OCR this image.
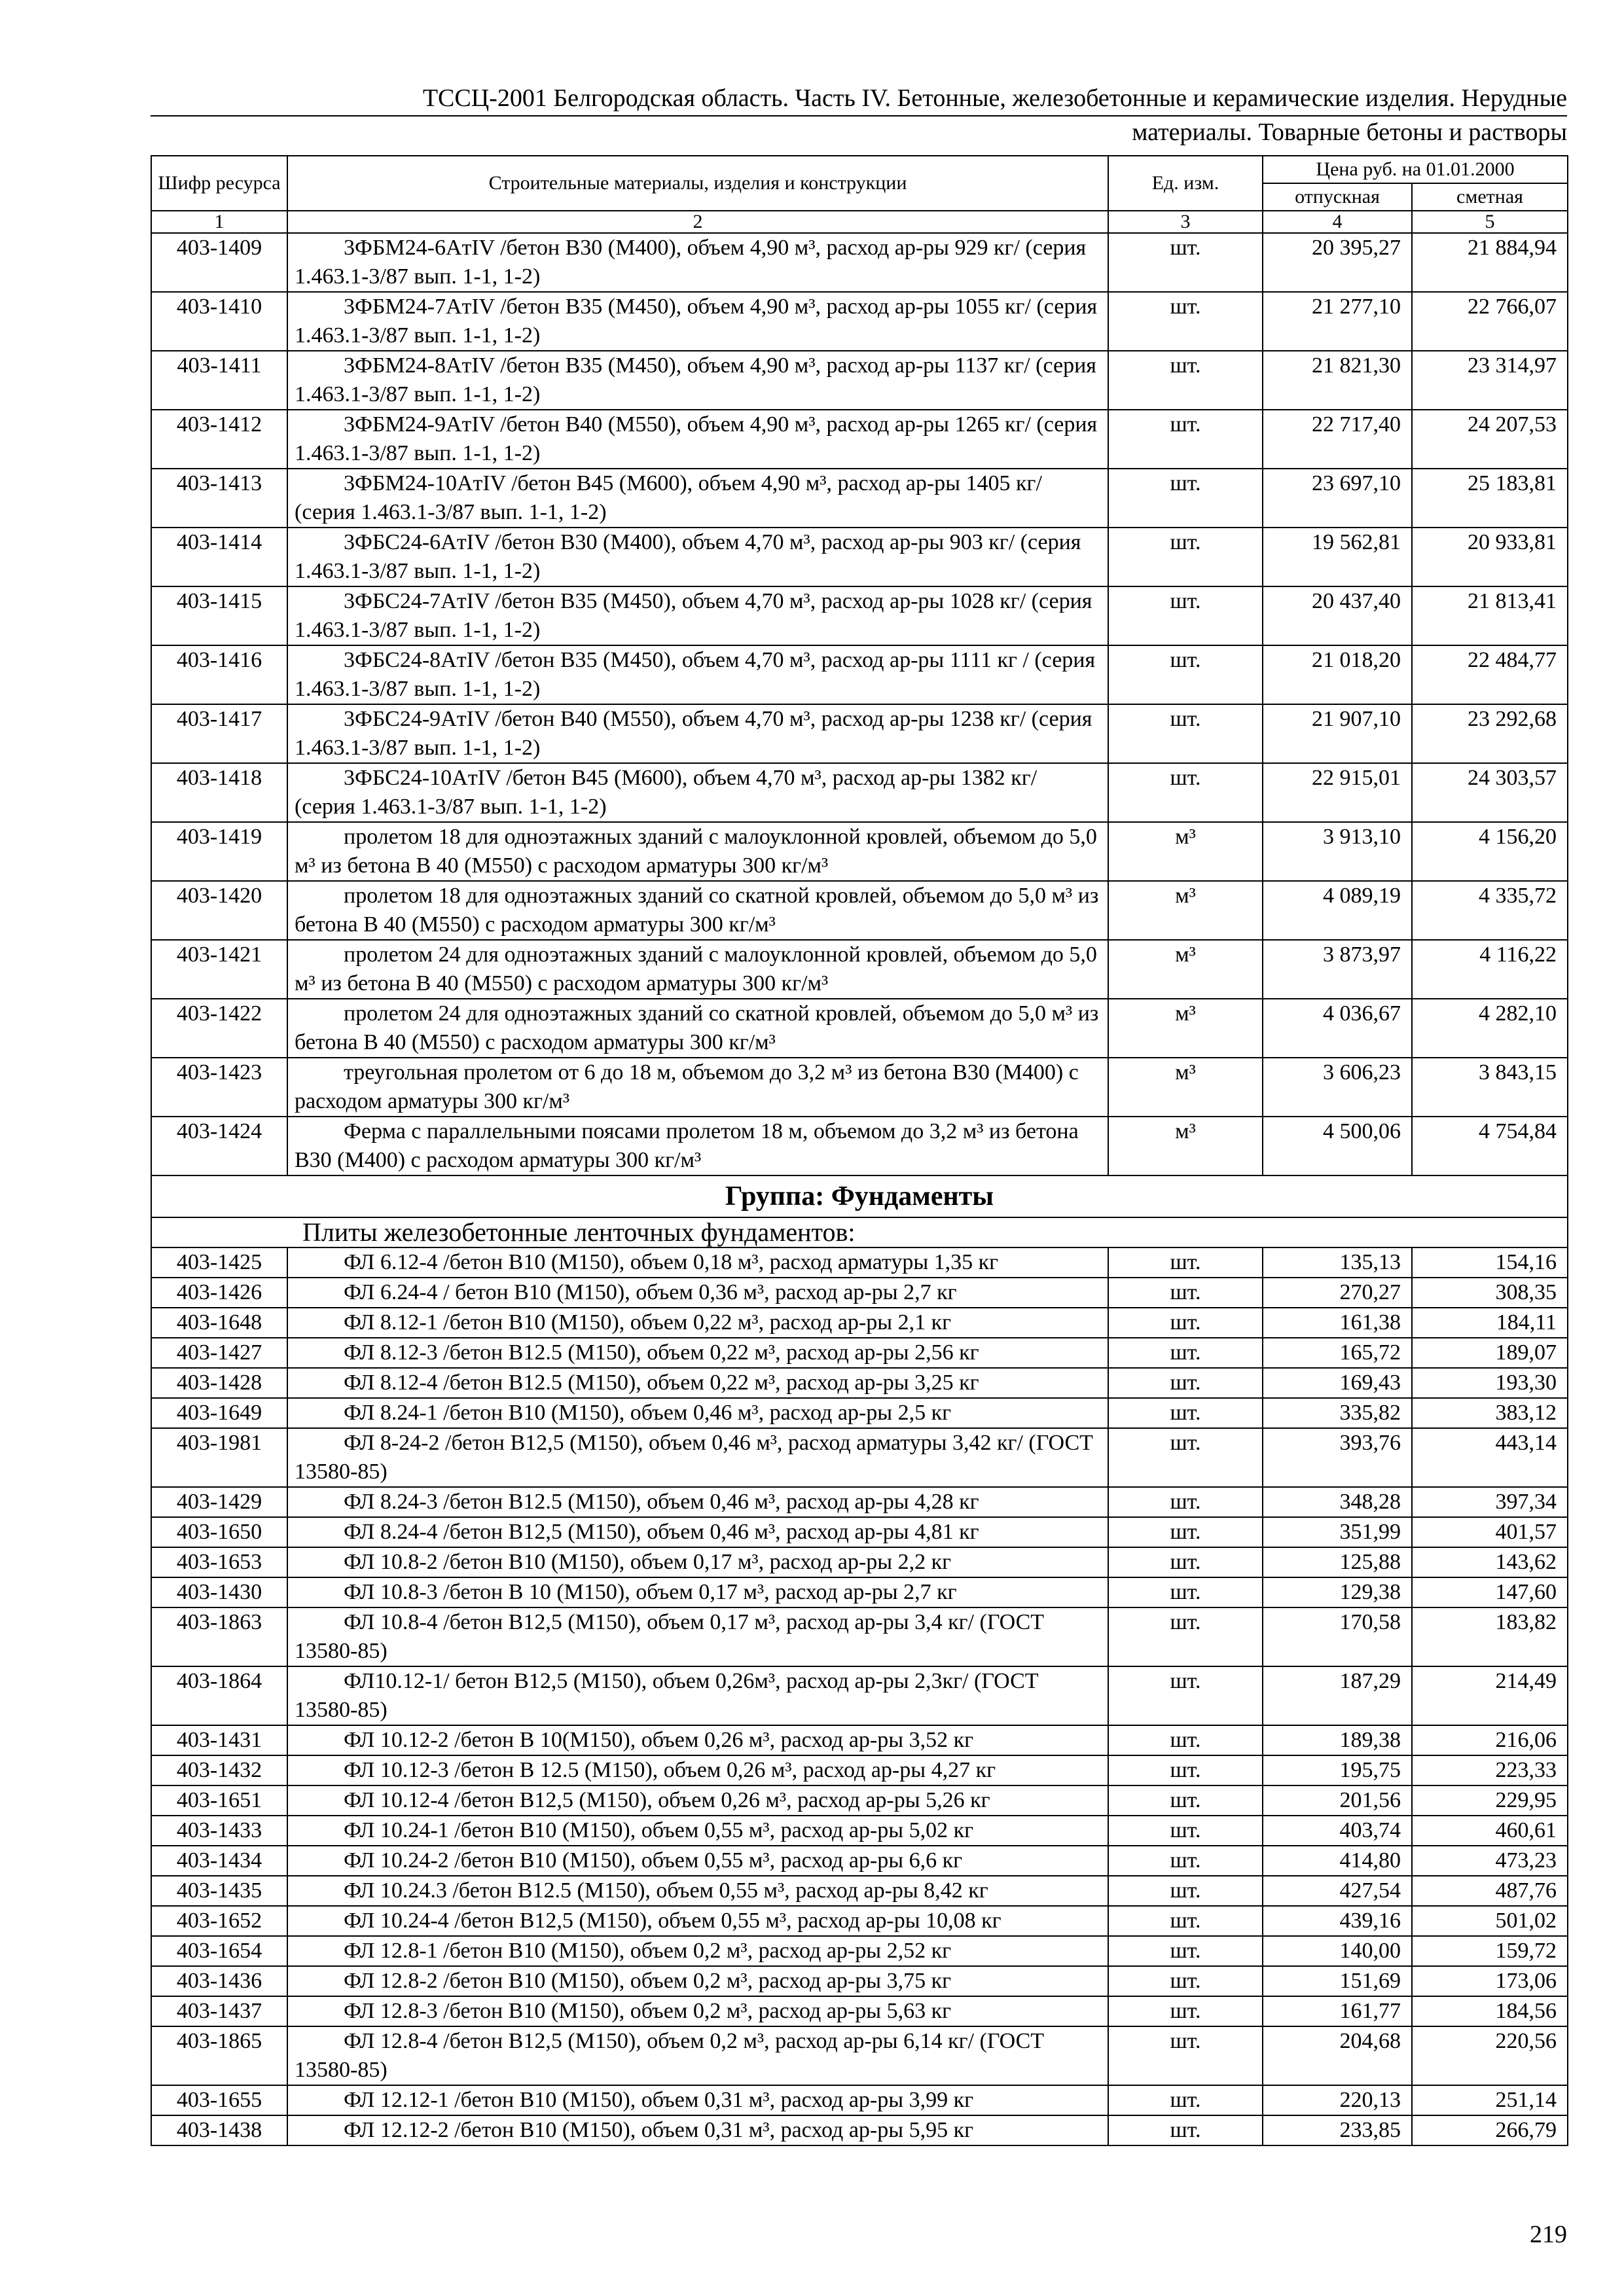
ТССЦ-2001 Белгородская область. Часть IV. Бетонные, железобетонные и керамические изделия. Нерудные
материалы. Товарные бетоны и растворы
Шифр ресурса	Строительные материалы, изделия и конструкции	Ед. изм.	Цена руб. на 01.01.2000	
			отпускная	сметная
1	2	3	4	5
403-1409	3ФБМ24-6AтIV /бетон В30 (М400), объем 4,90 м³, расход ар-ры 929 кг/ (серия 1.463.1-3/87 вып. 1-1, 1-2)	шт.	20 395,27	21 884,94
403-1410	3ФБМ24-7AтIV /бетон В35 (М450), объем 4,90 м³, расход ар-ры 1055 кг/ (серия 1.463.1-3/87 вып. 1-1, 1-2)	шт.	21 277,10	22 766,07
403-1411	3ФБМ24-8AтIV /бетон В35 (М450), объем 4,90 м³, расход ар-ры 1137 кг/ (серия 1.463.1-3/87 вып. 1-1, 1-2)	шт.	21 821,30	23 314,97
403-1412	3ФБМ24-9AтIV /бетон В40 (М550), объем 4,90 м³, расход ар-ры 1265 кг/ (серия 1.463.1-3/87 вып. 1-1, 1-2)	шт.	22 717,40	24 207,53
403-1413	3ФБМ24-10AтIV /бетон В45 (М600), объем 4,90 м³, расход ар-ры 1405 кг/ (серия 1.463.1-3/87 вып. 1-1, 1-2)	шт.	23 697,10	25 183,81
403-1414	3ФБС24-6AтIV /бетон В30 (М400), объем 4,70 м³, расход ар-ры 903 кг/ (серия 1.463.1-3/87 вып. 1-1, 1-2)	шт.	19 562,81	20 933,81
403-1415	3ФБС24-7AтIV /бетон В35 (М450), объем 4,70 м³, расход ар-ры 1028 кг/ (серия 1.463.1-3/87 вып. 1-1, 1-2)	шт.	20 437,40	21 813,41
403-1416	3ФБС24-8AтIV /бетон В35 (М450), объем 4,70 м³, расход ар-ры 1111 кг / (серия 1.463.1-3/87 вып. 1-1, 1-2)	шт.	21 018,20	22 484,77
403-1417	3ФБС24-9AтIV /бетон В40 (М550), объем 4,70 м³, расход ар-ры 1238 кг/ (серия 1.463.1-3/87 вып. 1-1, 1-2)	шт.	21 907,10	23 292,68
403-1418	3ФБС24-10AтIV /бетон В45 (М600), объем 4,70 м³, расход ар-ры 1382 кг/ (серия 1.463.1-3/87 вып. 1-1, 1-2)	шт.	22 915,01	24 303,57
403-1419	пролетом 18 для одноэтажных зданий с малоуклонной кровлей, объемом до 5,0 м³ из бетона В 40 (М550) с расходом арматуры 300 кг/м³	м³	3 913,10	4 156,20
403-1420	пролетом 18 для одноэтажных зданий со скатной кровлей, объемом до 5,0 м³ из бетона В 40 (М550) с расходом арматуры 300 кг/м³	м³	4 089,19	4 335,72
403-1421	пролетом 24 для одноэтажных зданий с малоуклонной кровлей, объемом до 5,0 м³ из бетона В 40 (М550) с расходом арматуры 300 кг/м³	м³	3 873,97	4 116,22
403-1422	пролетом 24 для одноэтажных зданий со скатной кровлей, объемом до 5,0 м³ из бетона В 40 (М550) с расходом арматуры 300 кг/м³	м³	4 036,67	4 282,10
403-1423	треугольная пролетом от 6 до 18 м, объемом до 3,2 м³ из бетона В30 (М400) с расходом арматуры 300 кг/м³	м³	3 606,23	3 843,15
403-1424	Ферма с параллельными поясами пролетом 18 м, объемом до 3,2 м³ из бетона В30 (М400) с расходом арматуры 300 кг/м³	м³	4 500,06	4 754,84
Группа: Фундаменты				
Плиты железобетонные ленточных фундаментов:				
403-1425	ФЛ 6.12-4 /бетон В10 (М150), объем 0,18 м³, расход арматуры 1,35 кг	шт.	135,13	154,16
403-1426	ФЛ 6.24-4 / бетон В10 (М150), объем 0,36 м³, расход ар-ры 2,7 кг	шт.	270,27	308,35
403-1648	ФЛ 8.12-1 /бетон В10 (М150), объем 0,22 м³, расход ар-ры 2,1 кг	шт.	161,38	184,11
403-1427	ФЛ 8.12-3 /бетон В12.5 (М150), объем 0,22 м³, расход ар-ры 2,56 кг	шт.	165,72	189,07
403-1428	ФЛ 8.12-4 /бетон В12.5 (М150), объем 0,22 м³, расход ар-ры 3,25 кг	шт.	169,43	193,30
403-1649	ФЛ 8.24-1 /бетон В10 (М150), объем 0,46 м³, расход ар-ры 2,5 кг	шт.	335,82	383,12
403-1981	ФЛ 8-24-2 /бетон В12,5 (М150), объем 0,46 м³, расход арматуры 3,42 кг/ (ГОСТ 13580-85)	шт.	393,76	443,14
403-1429	ФЛ 8.24-3 /бетон В12.5 (М150), объем 0,46 м³, расход ар-ры 4,28 кг	шт.	348,28	397,34
403-1650	ФЛ 8.24-4 /бетон В12,5 (М150), объем 0,46 м³, расход ар-ры 4,81 кг	шт.	351,99	401,57
403-1653	ФЛ 10.8-2 /бетон В10 (М150), объем 0,17 м³, расход ар-ры 2,2 кг	шт.	125,88	143,62
403-1430	ФЛ 10.8-3 /бетон В 10 (М150), объем 0,17 м³, расход ар-ры 2,7 кг	шт.	129,38	147,60
403-1863	ФЛ 10.8-4 /бетон В12,5 (М150), объем 0,17 м³, расход ар-ры 3,4 кг/ (ГОСТ 13580-85)	шт.	170,58	183,82
403-1864	ФЛ10.12-1/ бетон В12,5 (М150), объем 0,26м³, расход ар-ры 2,3кг/ (ГОСТ 13580-85)	шт.	187,29	214,49
403-1431	ФЛ 10.12-2 /бетон В 10(М150), объем 0,26 м³, расход ар-ры 3,52 кг	шт.	189,38	216,06
403-1432	ФЛ 10.12-3 /бетон В 12.5 (М150), объем 0,26 м³, расход ар-ры 4,27 кг	шт.	195,75	223,33
403-1651	ФЛ 10.12-4 /бетон В12,5 (М150), объем 0,26 м³, расход ар-ры 5,26 кг	шт.	201,56	229,95
403-1433	ФЛ 10.24-1 /бетон В10 (М150), объем 0,55 м³, расход ар-ры 5,02 кг	шт.	403,74	460,61
403-1434	ФЛ 10.24-2 /бетон В10 (М150), объем 0,55 м³, расход ар-ры 6,6 кг	шт.	414,80	473,23
403-1435	ФЛ 10.24.3 /бетон В12.5 (М150), объем 0,55 м³, расход ар-ры 8,42 кг	шт.	427,54	487,76
403-1652	ФЛ 10.24-4 /бетон В12,5 (М150), объем 0,55 м³, расход ар-ры 10,08 кг	шт.	439,16	501,02
403-1654	ФЛ 12.8-1 /бетон В10 (М150), объем 0,2 м³, расход ар-ры 2,52 кг	шт.	140,00	159,72
403-1436	ФЛ 12.8-2 /бетон В10 (М150), объем 0,2 м³, расход ар-ры 3,75 кг	шт.	151,69	173,06
403-1437	ФЛ 12.8-3 /бетон В10 (М150), объем 0,2 м³, расход ар-ры 5,63 кг	шт.	161,77	184,56
403-1865	ФЛ 12.8-4 /бетон В12,5 (М150), объем 0,2 м³, расход ар-ры 6,14 кг/ (ГОСТ 13580-85)	шт.	204,68	220,56
403-1655	ФЛ 12.12-1 /бетон В10 (М150), объем 0,31 м³, расход ар-ры 3,99 кг	шт.	220,13	251,14
403-1438	ФЛ 12.12-2 /бетон В10 (М150), объем 0,31 м³, расход ар-ры 5,95 кг	шт.	233,85	266,79
219
